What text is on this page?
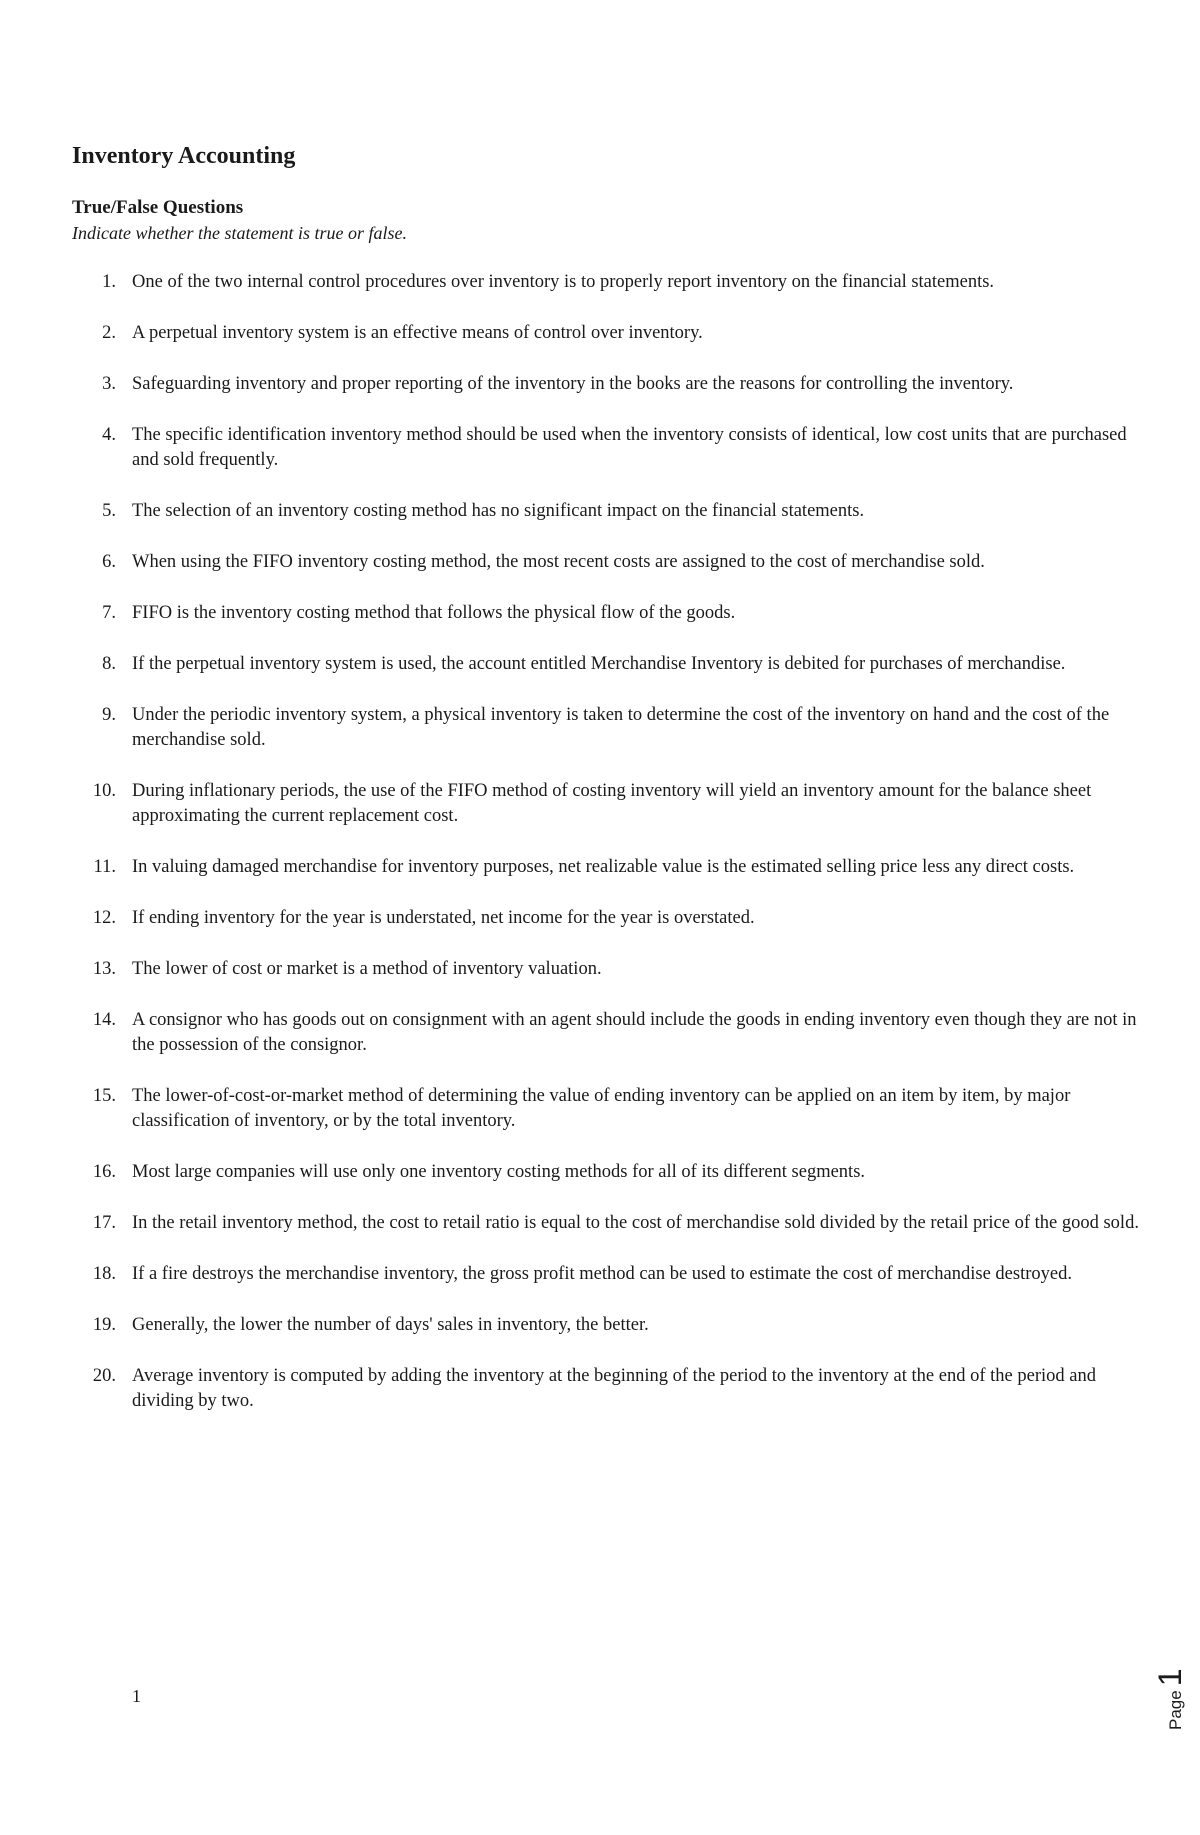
Inventory Accounting
True/False Questions

Indicate whether the statement is true or false.

1. One of the two internal control procedures over inventory is to properly report inventory on the financial statements.
2. A perpetual inventory system is an effective means of control over inventory.
3. Safeguarding inventory and proper reporting of the inventory in the books are the reasons for controlling the inventory.
4. The specific identification inventory method should be used when the inventory consists of identical, low cost units that are purchased and sold frequently.
5. The selection of an inventory costing method has no significant impact on the financial statements.
6. When using the FIFO inventory costing method, the most recent costs are assigned to the cost of merchandise sold.
7. FIFO is the inventory costing method that follows the physical flow of the goods.
8. If the perpetual inventory system is used, the account entitled Merchandise Inventory is debited for purchases of merchandise.
9. Under the periodic inventory system, a physical inventory is taken to determine the cost of the inventory on hand and the cost of the merchandise sold.
10. During inflationary periods, the use of the FIFO method of costing inventory will yield an inventory amount for the balance sheet approximating the current replacement cost.
11. In valuing damaged merchandise for inventory purposes, net realizable value is the estimated selling price less any direct costs.
12. If ending inventory for the year is understated, net income for the year is overstated.
13. The lower of cost or market is a method of inventory valuation.
14. A consignor who has goods out on consignment with an agent should include the goods in ending inventory even though they are not in the possession of the consignor.
15. The lower-of-cost-or-market method of determining the value of ending inventory can be applied on an item by item, by major classification of inventory, or by the total inventory.
16. Most large companies will use only one inventory costing methods for all of its different segments.
17. In the retail inventory method, the cost to retail ratio is equal to the cost of merchandise sold divided by the retail price of the good sold.
18. If a fire destroys the merchandise inventory, the gross profit method can be used to estimate the cost of merchandise destroyed.
19. Generally, the lower the number of days' sales in inventory, the better.
20. Average inventory is computed by adding the inventory at the beginning of the period to the inventory at the end of the period and dividing by two.
1	Page1
